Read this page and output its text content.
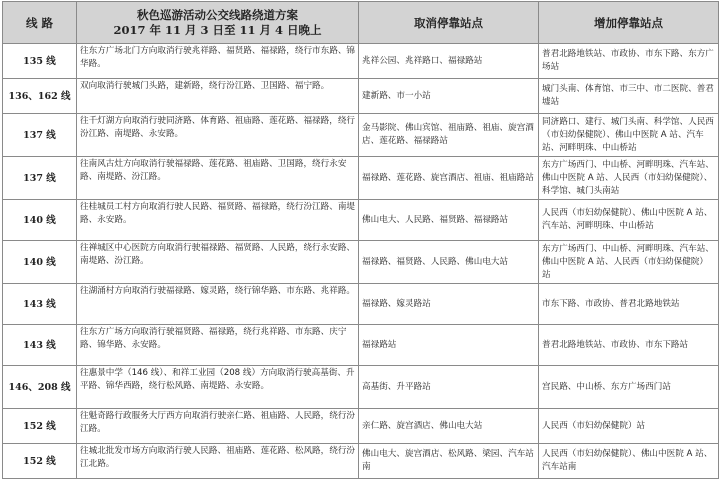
线 路	秋色巡游活动公交线路绕道方案
2017 年 11 月 3 日至 11 月 4 日晚上	取消停靠站点	增加停靠站点
135 线	往东方广场北门方向取消行驶兆祥路、福贤路、福禄路，绕行市东路、锦华路。	兆祥公园、兆祥路口、福禄路站	普君北路地铁站、市政协、市东下路、东方广场站
136、162 线	双向取消行驶城门头路，建新路，绕行汾江路、卫国路、福宁路。	建新路、市一小站	城门头南、体育馆、市三中、市二医院、普君墟站
137 线	往千灯湖方向取消行驶同济路、体育路、祖庙路、莲花路、福禄路，绕行汾江路、南堤路、永安路。	金马影院、佛山宾馆、祖庙路、祖庙、旋宫酒店、莲花路、福禄路站	同济路口、建行、城门头南、科学馆、人民西（市妇幼保健院）、佛山中医院 A 站、汽车站、河畔明珠、中山桥站
137 线	往南风古灶方向取消行驶福禄路、莲花路、祖庙路、卫国路，绕行永安路、南堤路、汾江路。	福禄路、莲花路、旋宫酒店、祖庙、祖庙路站	东方广场西门、中山桥、河畔明珠、汽车站、佛山中医院 A 站、人民西（市妇幼保健院）、科学馆、城门头南站
140 线	往桂城员工村方向取消行驶人民路、福贤路、福禄路，绕行汾江路、南堤路、永安路。	佛山电大、人民路、福贤路、福禄路站	人民西（市妇幼保健院）、佛山中医院 A 站、汽车站、河畔明珠、中山桥站
140 线	往禅城区中心医院方向取消行驶福禄路、福贤路、人民路，绕行永安路、南堤路、汾江路。	福禄路、福贤路、人民路、佛山电大站	东方广场西门、中山桥、河畔明珠、汽车站、佛山中医院 A 站、人民西（市妇幼保健院）站
143 线	往湖涌村方向取消行驶福禄路、嫁灵路，绕行锦华路、市东路、兆祥路。	福禄路、嫁灵路站	市东下路、市政协、普君北路地铁站
143 线	往东方广场方向取消行驶福贤路、福禄路，绕行兆祥路、市东路、庆宁路、锦华路、永安路。	福禄路站	普君北路地铁站、市政协、市东下路站
146、208 线	往惠景中学（146 线）、和祥工业园（208 线）方向取消行驶高基街、升平路、锦华西路，绕行松风路、南堤路、永安路。	高基街、升平路站	宫民路、中山桥、东方广场西门站
152 线	往魁奇路行政服务大厅西方向取消行驶亲仁路、祖庙路、人民路，绕行汾江路。	亲仁路、旋宫酒店、佛山电大站	人民西（市妇幼保健院）站
152 线	往城北批发市场方向取消行驶人民路、祖庙路、莲花路、松风路，绕行汾江北路。	佛山电大、旋宫酒店、松风路、梁园、汽车站南	人民西（市妇幼保健院）、佛山中医院 A 站、汽车站南
